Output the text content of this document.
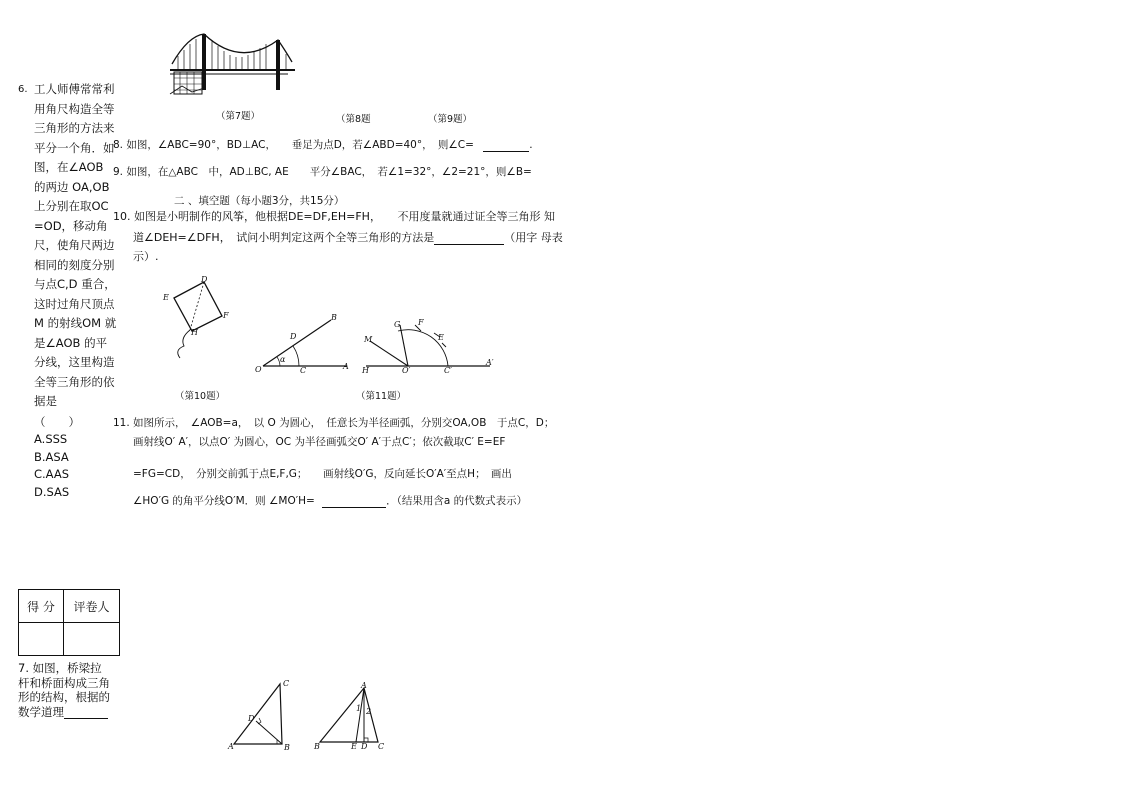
6. 工人师傅常常利用角尺构造全等三角形的方法来平分一个角．如图，在∠AOB 的两边 OA,OB 上分别在取OC=OD，移动角尺，使角尺两边相同的刻度分别与点C,D 重合，这时过角尺顶点M 的射线OM 就是∠AOB 的平分线，这里构造全等三角形的依 据是
（　　）
A.SSS
B.ASA
C.AAS
D.SAS
得 分	评卷人

7. 如图，桥梁拉杆和桥面构成三角形的结构，根据的数学道理
（第7题）	（第8题	（第9题）
8. 如图，∠ABC=90°，BD⊥AC，　　垂足为点D，若∠ABD=40°，　则∠C=	.
9. 如图，在△ABC　中，AD⊥BC, AE　　平分∠BAC，　若∠1=32°，∠2=21°，则∠B=
二 、填空题（每小题3分，共15分）
10. 如图是小明制作的风筝，他根据DE=DF,EH=FH，　　不用度量就通过证全等三角形 知
道∠DEH=∠DFH，　试问小明判定这两个全等三角形的方法是	（用字 母表
示）.
D
E
F
H
B
D
α
O	C	A
G F
E
M
H	O′	C′
A′
（第10题）	（第11题）
11. 如图所示，　∠AOB=a，　以 O 为圆心，　任意长为半径画弧，分别交OA,OB　于点C，D；
画射线O′ A′，以点O′ 为圆心，OC 为半径画弧交O′ A′于点C′；依次截取C′ E=EF
=FG=CD，　分别交前弧于点E,F,G；　　画射线O′G，反向延长O′A′至点H；　画出
∠HO′G 的角平分线O′M．则 ∠MO′H=	．（结果用含a 的代数式表示）
C
D
A	B
A
1 2
B	E D C
